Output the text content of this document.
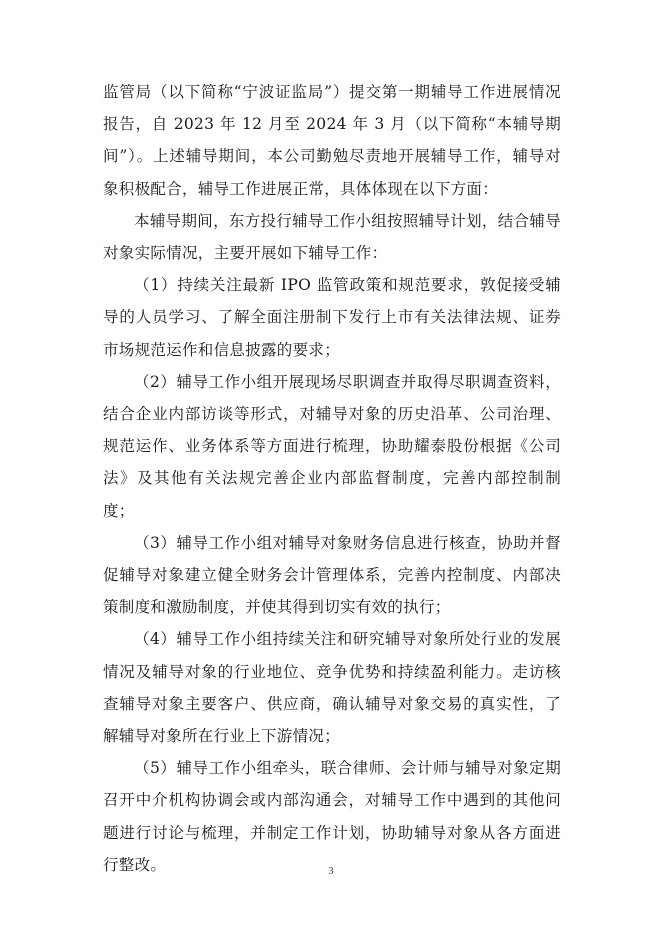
监管局（以下简称“宁波证监局”）提交第一期辅导工作进展情况报告，自 2023 年 12 月至 2024 年 3 月（以下简称“本辅导期间”）。上述辅导期间，本公司勤勉尽责地开展辅导工作，辅导对象积极配合，辅导工作进展正常，具体体现在以下方面：

本辅导期间，东方投行辅导工作小组按照辅导计划，结合辅导对象实际情况，主要开展如下辅导工作：

（1）持续关注最新 IPO 监管政策和规范要求，敦促接受辅导的人员学习、了解全面注册制下发行上市有关法律法规、证券市场规范运作和信息披露的要求；

（2）辅导工作小组开展现场尽职调查并取得尽职调查资料，结合企业内部访谈等形式，对辅导对象的历史沿革、公司治理、规范运作、业务体系等方面进行梳理，协助耀泰股份根据《公司法》及其他有关法规完善企业内部监督制度，完善内部控制制度；

（3）辅导工作小组对辅导对象财务信息进行核查，协助并督促辅导对象建立健全财务会计管理体系，完善内控制度、内部决策制度和激励制度，并使其得到切实有效的执行；

（4）辅导工作小组持续关注和研究辅导对象所处行业的发展情况及辅导对象的行业地位、竞争优势和持续盈利能力。走访核查辅导对象主要客户、供应商，确认辅导对象交易的真实性，了解辅导对象所在行业上下游情况；

（5）辅导工作小组牵头，联合律师、会计师与辅导对象定期召开中介机构协调会或内部沟通会，对辅导工作中遇到的其他问题进行讨论与梳理，并制定工作计划，协助辅导对象从各方面进行整改。	3
